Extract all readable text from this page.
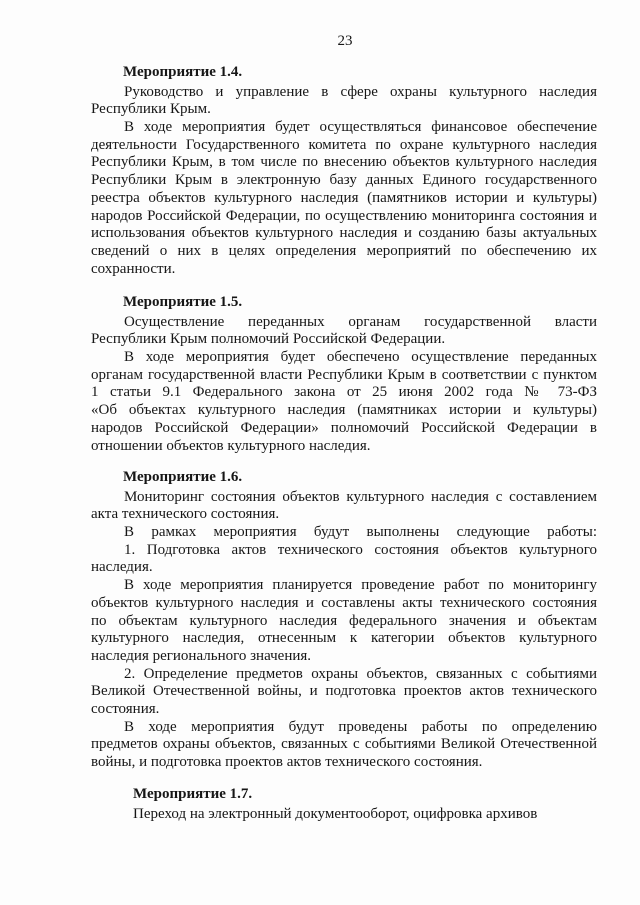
23
Мероприятие 1.4.
Руководство и управление в сфере охраны культурного наследия
Республики Крым.
В ходе мероприятия будет осуществляться финансовое обеспечение
деятельности Государственного комитета по охране культурного наследия
Республики Крым, в том числе по внесению объектов культурного наследия
Республики Крым в электронную базу данных Единого государственного
реестра объектов культурного наследия (памятников истории и культуры)
народов Российской Федерации, по осуществлению мониторинга состояния и
использования объектов культурного наследия и созданию базы актуальных
сведений о них в целях определения мероприятий по обеспечению их
сохранности.
Мероприятие 1.5.
Осуществление переданных органам государственной власти
Республики Крым полномочий Российской Федерации.
В ходе мероприятия будет обеспечено осуществление переданных
органам государственной власти Республики Крым в соответствии с пунктом
1 статьи 9.1 Федерального закона от 25 июня 2002 года № 73-ФЗ
«Об объектах культурного наследия (памятниках истории и культуры)
народов Российской Федерации» полномочий Российской Федерации в
отношении объектов культурного наследия.
Мероприятие 1.6.
Мониторинг состояния объектов культурного наследия с составлением
акта технического состояния.
В рамках мероприятия будут выполнены следующие работы:
1. Подготовка актов технического состояния объектов культурного
наследия.
В ходе мероприятия планируется проведение работ по мониторингу
объектов культурного наследия и составлены акты технического состояния
по объектам культурного наследия федерального значения и объектам
культурного наследия, отнесенным к категории объектов культурного
наследия регионального значения.
2. Определение предметов охраны объектов, связанных с событиями
Великой Отечественной войны, и подготовка проектов актов технического
состояния.
В ходе мероприятия будут проведены работы по определению
предметов охраны объектов, связанных с событиями Великой Отечественной
войны, и подготовка проектов актов технического состояния.
Мероприятие 1.7.
Переход на электронный документооборот, оцифровка архивов
